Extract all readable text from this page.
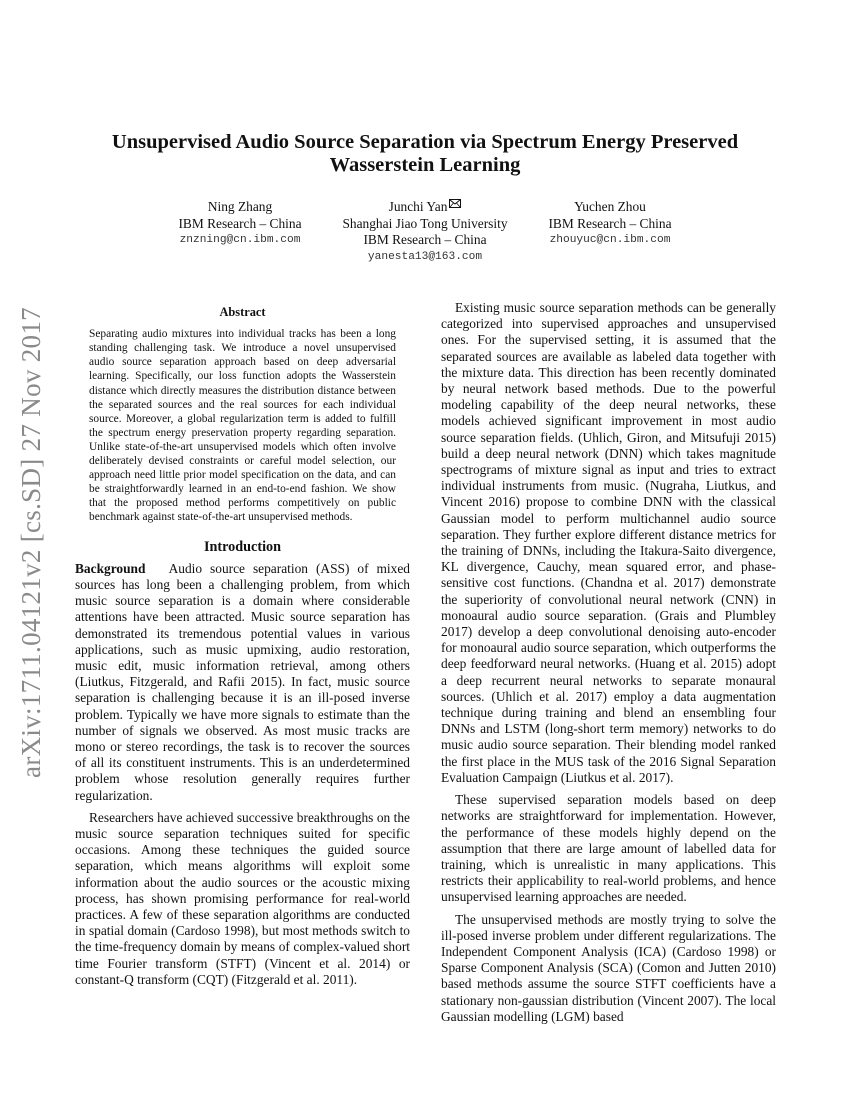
arXiv:1711.04121v2 [cs.SD] 27 Nov 2017
Unsupervised Audio Source Separation via Spectrum Energy Preserved
Wasserstein Learning
Ning Zhang
IBM Research – China
znzning@cn.ibm.com
Junchi Yan
Shanghai Jiao Tong University
IBM Research – China
yanesta13@163.com
Yuchen Zhou
IBM Research – China
zhouyuc@cn.ibm.com
Abstract

Separating audio mixtures into individual tracks has been a long standing challenging task. We introduce a novel unsupervised audio source separation approach based on deep adversarial learning. Specifically, our loss function adopts the Wasserstein distance which directly measures the distribution distance between the separated sources and the real sources for each individual source. Moreover, a global regularization term is added to fulfill the spectrum energy preservation property regarding separation. Unlike state-of-the-art unsupervised models which often involve deliberately devised constraints or careful model selection, our approach need little prior model specification on the data, and can be straightforwardly learned in an end-to-end fashion. We show that the proposed method performs competitively on public benchmark against state-of-the-art unsupervised methods.

Introduction

Background Audio source separation (ASS) of mixed sources has long been a challenging problem, from which music source separation is a domain where considerable attentions have been attracted. Music source separation has demonstrated its tremendous potential values in various applications, such as music upmixing, audio restoration, music edit, music information retrieval, among others (Liutkus, Fitzgerald, and Rafii 2015). In fact, music source separation is challenging because it is an ill-posed inverse problem. Typically we have more signals to estimate than the number of signals we observed. As most music tracks are mono or stereo recordings, the task is to recover the sources of all its constituent instruments. This is an underdetermined problem whose resolution generally requires further regularization.

Researchers have achieved successive breakthroughs on the music source separation techniques suited for specific occasions. Among these techniques the guided source separation, which means algorithms will exploit some information about the audio sources or the acoustic mixing process, has shown promising performance for real-world practices. A few of these separation algorithms are conducted in spatial domain (Cardoso 1998), but most methods switch to the time-frequency domain by means of complex-valued short time Fourier transform (STFT) (Vincent et al. 2014) or constant-Q transform (CQT) (Fitzgerald et al. 2011).

Existing music source separation methods can be generally categorized into supervised approaches and unsupervised ones. For the supervised setting, it is assumed that the separated sources are available as labeled data together with the mixture data. This direction has been recently dominated by neural network based methods. Due to the powerful modeling capability of the deep neural networks, these models achieved significant improvement in most audio source separation fields. (Uhlich, Giron, and Mitsufuji 2015) build a deep neural network (DNN) which takes magnitude spectrograms of mixture signal as input and tries to extract individual instruments from music. (Nugraha, Liutkus, and Vincent 2016) propose to combine DNN with the classical Gaussian model to perform multichannel audio source separation. They further explore different distance metrics for the training of DNNs, including the Itakura-Saito divergence, KL divergence, Cauchy, mean squared error, and phase-sensitive cost functions. (Chandna et al. 2017) demonstrate the superiority of convolutional neural network (CNN) in monoaural audio source separation. (Grais and Plumbley 2017) develop a deep convolutional denoising auto-encoder for monoaural audio source separation, which outperforms the deep feedforward neural networks. (Huang et al. 2015) adopt a deep recurrent neural networks to separate monaural sources. (Uhlich et al. 2017) employ a data augmentation technique during training and blend an ensembling four DNNs and LSTM (long-short term memory) networks to do music audio source separation. Their blending model ranked the first place in the MUS task of the 2016 Signal Separation Evaluation Campaign (Liutkus et al. 2017).

These supervised separation models based on deep networks are straightforward for implementation. However, the performance of these models highly depend on the assumption that there are large amount of labelled data for training, which is unrealistic in many applications. This restricts their applicability to real-world problems, and hence unsupervised learning approaches are needed.

The unsupervised methods are mostly trying to solve the ill-posed inverse problem under different regularizations. The Independent Component Analysis (ICA) (Cardoso 1998) or Sparse Component Analysis (SCA) (Comon and Jutten 2010) based methods assume the source STFT coefficients have a stationary non-gaussian distribution (Vincent 2007). The local Gaussian modelling (LGM) based
